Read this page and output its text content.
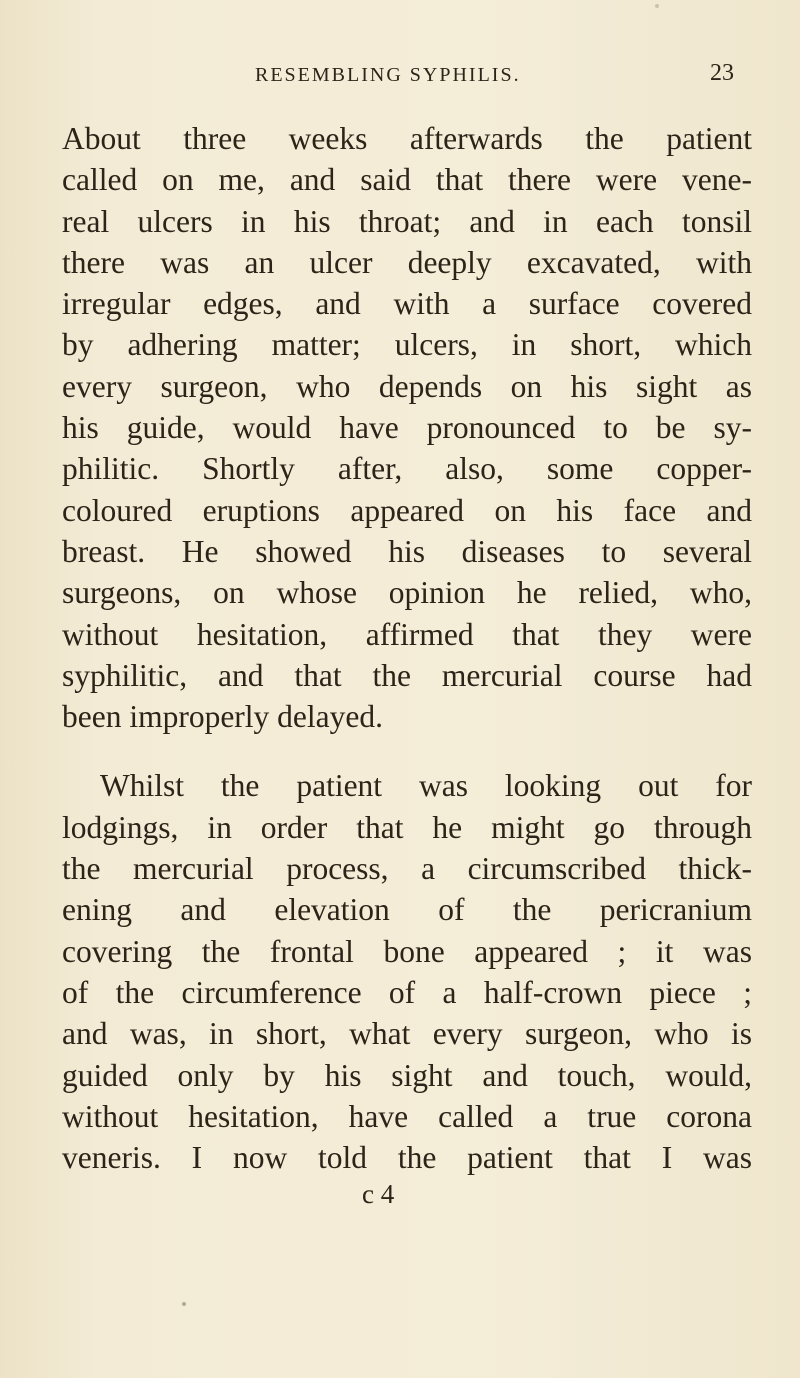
RESEMBLING SYPHILIS.	23
About three weeks afterwards the patient
called on me, and said that there were vene-
real ulcers in his throat; and in each tonsil
there was an ulcer deeply excavated, with
irregular edges, and with a surface covered
by adhering matter; ulcers, in short, which
every surgeon, who depends on his sight as
his guide, would have pronounced to be sy-
philitic. Shortly after, also, some copper-
coloured eruptions appeared on his face and
breast. He showed his diseases to several
surgeons, on whose opinion he relied, who,
without hesitation, affirmed that they were
syphilitic, and that the mercurial course had
been improperly delayed.
Whilst the patient was looking out for
lodgings, in order that he might go through
the mercurial process, a circumscribed thick-
ening and elevation of the pericranium
covering the frontal bone appeared ; it was
of the circumference of a half-crown piece ;
and was, in short, what every surgeon, who is
guided only by his sight and touch, would,
without hesitation, have called a true corona
veneris. I now told the patient that I was
c 4
